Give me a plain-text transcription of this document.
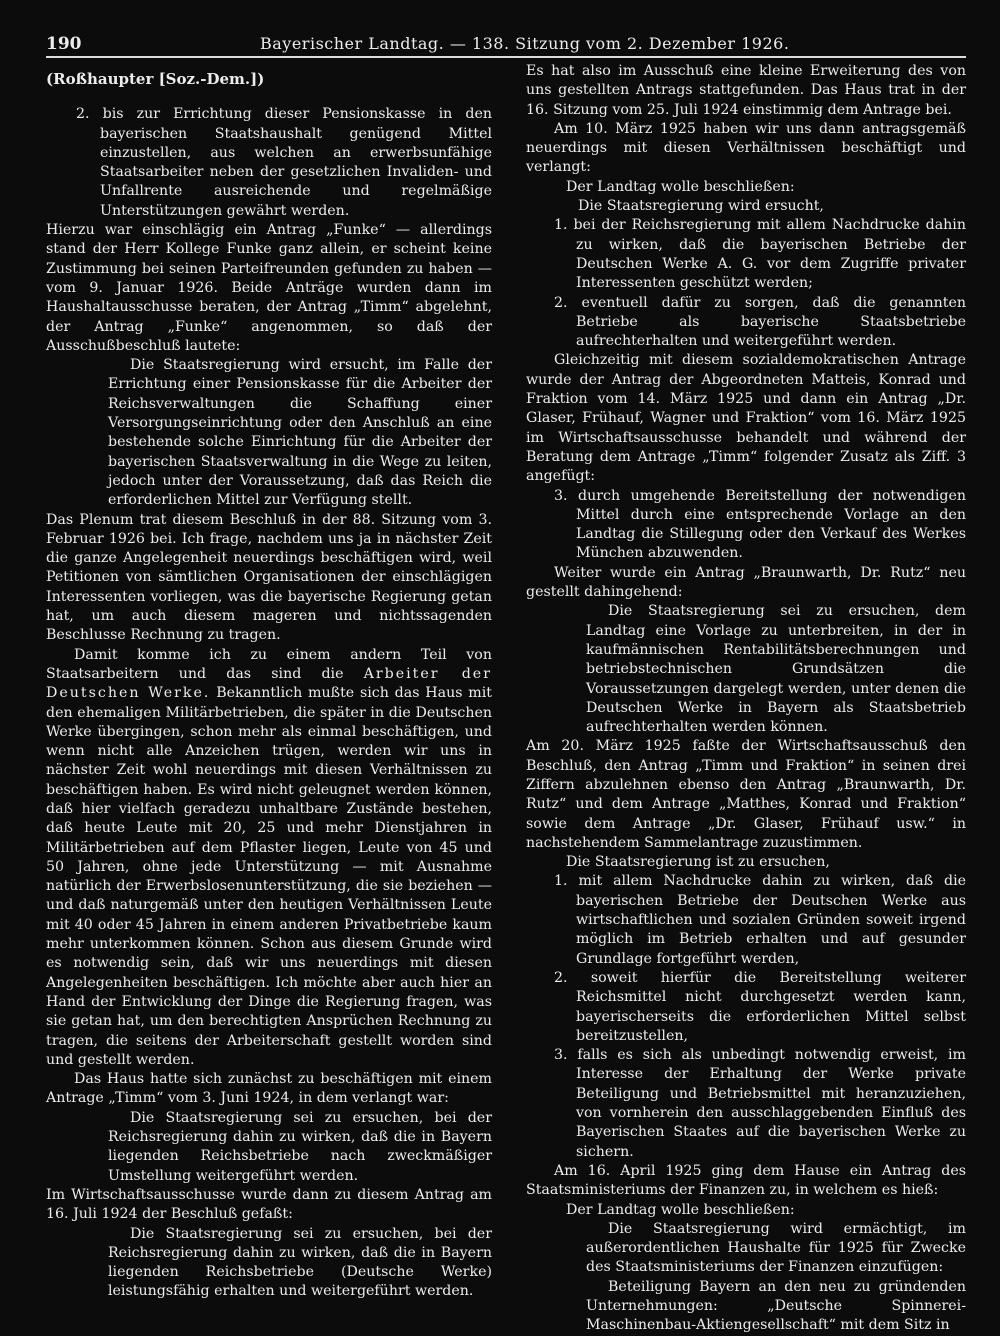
190	Bayerischer Landtag. — 138. Sitzung vom 2. Dezember 1926.

(Roßhaupter [Soz.-Dem.])

2. bis zur Errichtung dieser Pensionskasse in den bayerischen Staatshaushalt genügend Mittel einzustellen, aus welchen an erwerbsunfähige Staatsarbeiter neben der gesetzlichen Invaliden- und Unfallrente ausreichende und regelmäßige Unterstützungen gewährt werden.

Hierzu war einschlägig ein Antrag „Funke“ — allerdings stand der Herr Kollege Funke ganz allein, er scheint keine Zustimmung bei seinen Parteifreunden gefunden zu haben — vom 9. Januar 1926. Beide Anträge wurden dann im Haushaltausschusse beraten, der Antrag „Timm“ abgelehnt, der Antrag „Funke“ angenommen, so daß der Ausschußbeschluß lautete:

Die Staatsregierung wird ersucht, im Falle der Errichtung einer Pensionskasse für die Arbeiter der Reichsverwaltungen die Schaffung einer Versorgungseinrichtung oder den Anschluß an eine bestehende solche Einrichtung für die Arbeiter der bayerischen Staatsverwaltung in die Wege zu leiten, jedoch unter der Voraussetzung, daß das Reich die erforderlichen Mittel zur Verfügung stellt.

Das Plenum trat diesem Beschluß in der 88. Sitzung vom 3. Februar 1926 bei. Ich frage, nachdem uns ja in nächster Zeit die ganze Angelegenheit neuerdings beschäftigen wird, weil Petitionen von sämtlichen Organisationen der einschlägigen Interessenten vorliegen, was die bayerische Regierung getan hat, um auch diesem mageren und nichtssagenden Beschlusse Rechnung zu tragen.

Damit komme ich zu einem andern Teil von Staatsarbeitern und das sind die Arbeiter der Deutschen Werke. Bekanntlich mußte sich das Haus mit den ehemaligen Militärbetrieben, die später in die Deutschen Werke übergingen, schon mehr als einmal beschäftigen, und wenn nicht alle Anzeichen trügen, werden wir uns in nächster Zeit wohl neuerdings mit diesen Verhältnissen zu beschäftigen haben. Es wird nicht geleugnet werden können, daß hier vielfach geradezu unhaltbare Zustände bestehen, daß heute Leute mit 20, 25 und mehr Dienstjahren in Militärbetrieben auf dem Pflaster liegen, Leute von 45 und 50 Jahren, ohne jede Unterstützung — mit Ausnahme natürlich der Erwerbslosenunterstützung, die sie beziehen — und daß naturgemäß unter den heutigen Verhältnissen Leute mit 40 oder 45 Jahren in einem anderen Privatbetriebe kaum mehr unterkommen können. Schon aus diesem Grunde wird es notwendig sein, daß wir uns neuerdings mit diesen Angelegenheiten beschäftigen. Ich möchte aber auch hier an Hand der Entwicklung der Dinge die Regierung fragen, was sie getan hat, um den berechtigten Ansprüchen Rechnung zu tragen, die seitens der Arbeiterschaft gestellt worden sind und gestellt werden.

Das Haus hatte sich zunächst zu beschäftigen mit einem Antrage „Timm“ vom 3. Juni 1924, in dem verlangt war:

Die Staatsregierung sei zu ersuchen, bei der Reichsregierung dahin zu wirken, daß die in Bayern liegenden Reichsbetriebe nach zweckmäßiger Umstellung weitergeführt werden.

Im Wirtschaftsausschusse wurde dann zu diesem Antrag am 16. Juli 1924 der Beschluß gefaßt:

Die Staatsregierung sei zu ersuchen, bei der Reichsregierung dahin zu wirken, daß die in Bayern liegenden Reichsbetriebe (Deutsche Werke) leistungsfähig erhalten und weitergeführt werden.

Es hat also im Ausschuß eine kleine Erweiterung des von uns gestellten Antrags stattgefunden. Das Haus trat in der 16. Sitzung vom 25. Juli 1924 einstimmig dem Antrage bei.

Am 10. März 1925 haben wir uns dann antragsgemäß neuerdings mit diesen Verhältnissen beschäftigt und verlangt:

Der Landtag wolle beschließen:

Die Staatsregierung wird ersucht,

1. bei der Reichsregierung mit allem Nachdrucke dahin zu wirken, daß die bayerischen Betriebe der Deutschen Werke A. G. vor dem Zugriffe privater Interessenten geschützt werden;

2. eventuell dafür zu sorgen, daß die genannten Betriebe als bayerische Staatsbetriebe aufrechterhalten und weitergeführt werden.

Gleichzeitig mit diesem sozialdemokratischen Antrage wurde der Antrag der Abgeordneten Matteis, Konrad und Fraktion vom 14. März 1925 und dann ein Antrag „Dr. Glaser, Frühauf, Wagner und Fraktion“ vom 16. März 1925 im Wirtschaftsausschusse behandelt und während der Beratung dem Antrage „Timm“ folgender Zusatz als Ziff. 3 angefügt:

3. durch umgehende Bereitstellung der notwendigen Mittel durch eine entsprechende Vorlage an den Landtag die Stillegung oder den Verkauf des Werkes München abzuwenden.

Weiter wurde ein Antrag „Braunwarth, Dr. Rutz“ neu gestellt dahingehend:

Die Staatsregierung sei zu ersuchen, dem Landtag eine Vorlage zu unterbreiten, in der in kaufmännischen Rentabilitätsberechnungen und betriebstechnischen Grundsätzen die Voraussetzungen dargelegt werden, unter denen die Deutschen Werke in Bayern als Staatsbetrieb aufrechterhalten werden können.

Am 20. März 1925 faßte der Wirtschaftsausschuß den Beschluß, den Antrag „Timm und Fraktion“ in seinen drei Ziffern abzulehnen ebenso den Antrag „Braunwarth, Dr. Rutz“ und dem Antrage „Matthes, Konrad und Fraktion“ sowie dem Antrage „Dr. Glaser, Frühauf usw.“ in nachstehendem Sammelantrage zuzustimmen.

Die Staatsregierung ist zu ersuchen,

1. mit allem Nachdrucke dahin zu wirken, daß die bayerischen Betriebe der Deutschen Werke aus wirtschaftlichen und sozialen Gründen soweit irgend möglich im Betrieb erhalten und auf gesunder Grundlage fortgeführt werden,

2. soweit hierfür die Bereitstellung weiterer Reichsmittel nicht durchgesetzt werden kann, bayerischerseits die erforderlichen Mittel selbst bereitzustellen,

3. falls es sich als unbedingt notwendig erweist, im Interesse der Erhaltung der Werke private Beteiligung und Betriebsmittel mit heranzuziehen, von vornherein den ausschlaggebenden Einfluß des Bayerischen Staates auf die bayerischen Werke zu sichern.

Am 16. April 1925 ging dem Hause ein Antrag des Staatsministeriums der Finanzen zu, in welchem es hieß:

Der Landtag wolle beschließen:

Die Staatsregierung wird ermächtigt, im außerordentlichen Haushalte für 1925 für Zwecke des Staatsministeriums der Finanzen einzufügen:

Beteiligung Bayern an den neu zu gründenden Unternehmungen: „Deutsche Spinnerei-Maschinenbau-Aktiengesellschaft“ mit dem Sitz in
